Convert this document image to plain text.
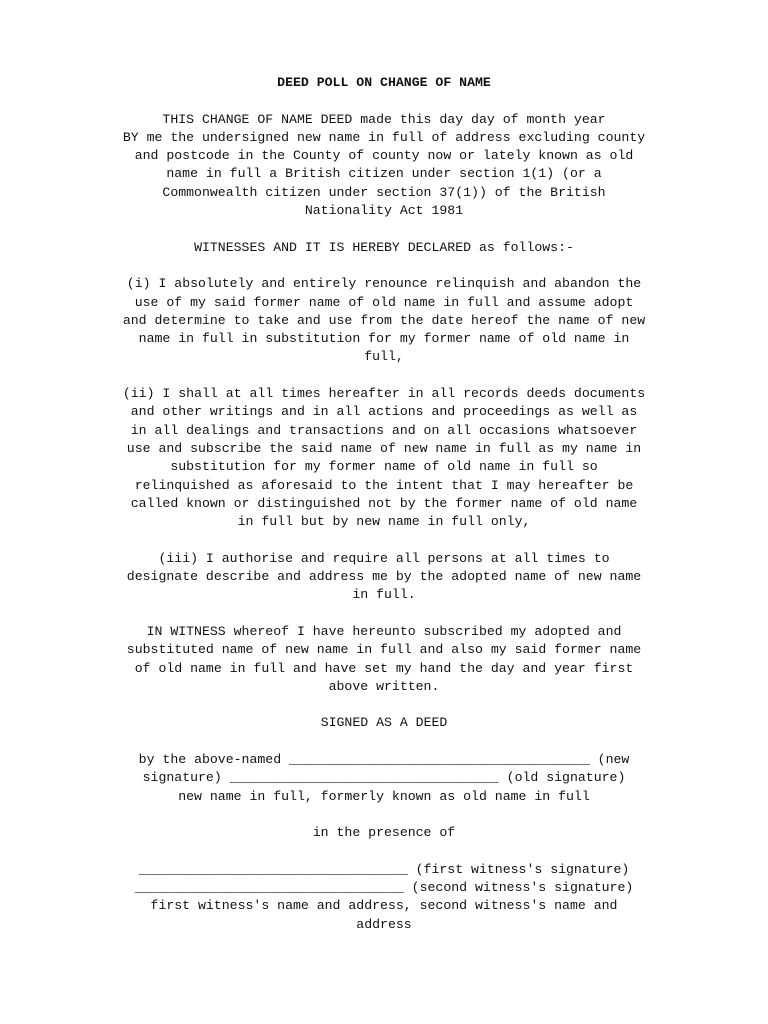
DEED POLL ON CHANGE OF NAME

THIS CHANGE OF NAME DEED made this day day of month year
BY me the undersigned new name in full of address excluding county
and postcode in the County of county now or lately known as old
name in full a British citizen under section 1(1) (or a
Commonwealth citizen under section 37(1)) of the British
Nationality Act 1981

WITNESSES AND IT IS HEREBY DECLARED as follows:-

(i) I absolutely and entirely renounce relinquish and abandon the
use of my said former name of old name in full and assume adopt
and determine to take and use from the date hereof the name of new
name in full in substitution for my former name of old name in
full,

(ii) I shall at all times hereafter in all records deeds documents
and other writings and in all actions and proceedings as well as
in all dealings and transactions and on all occasions whatsoever
use and subscribe the said name of new name in full as my name in
substitution for my former name of old name in full so
relinquished as aforesaid to the intent that I may hereafter be
called known or distinguished not by the former name of old name
in full but by new name in full only,

(iii) I authorise and require all persons at all times to
designate describe and address me by the adopted name of new name
in full.

IN WITNESS whereof I have hereunto subscribed my adopted and
substituted name of new name in full and also my said former name
of old name in full and have set my hand the day and year first
above written.

SIGNED AS A DEED

by the above-named ______________________________________ (new
signature) __________________________________ (old signature)
new name in full, formerly known as old name in full

in the presence of

__________________________________ (first witness's signature)
__________________________________ (second witness's signature)
first witness's name and address, second witness's name and
address
